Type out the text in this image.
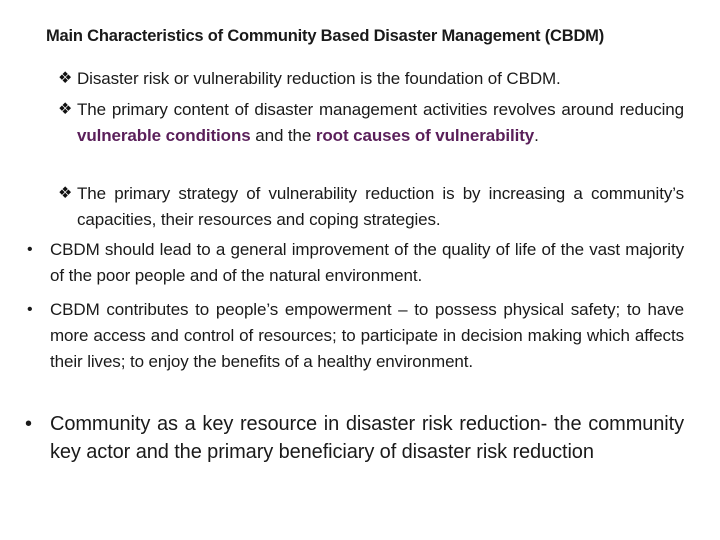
Main Characteristics of Community Based Disaster Management (CBDM)
❖ Disaster risk or vulnerability reduction is the foundation of CBDM.
❖ The primary content of disaster management activities revolves around reducing vulnerable conditions and the root causes of vulnerability.
❖ The primary strategy of vulnerability reduction is by increasing a community’s capacities, their resources and coping strategies.
• CBDM should lead to a general improvement of the quality of life of the vast majority of the poor people and of the natural environment.
• CBDM contributes to people’s empowerment – to possess physical safety; to have more access and control of resources; to participate in decision making which affects their lives; to enjoy the benefits of a healthy environment.
• Community as a key resource in disaster risk reduction- the community key actor and the primary beneficiary of disaster risk reduction
